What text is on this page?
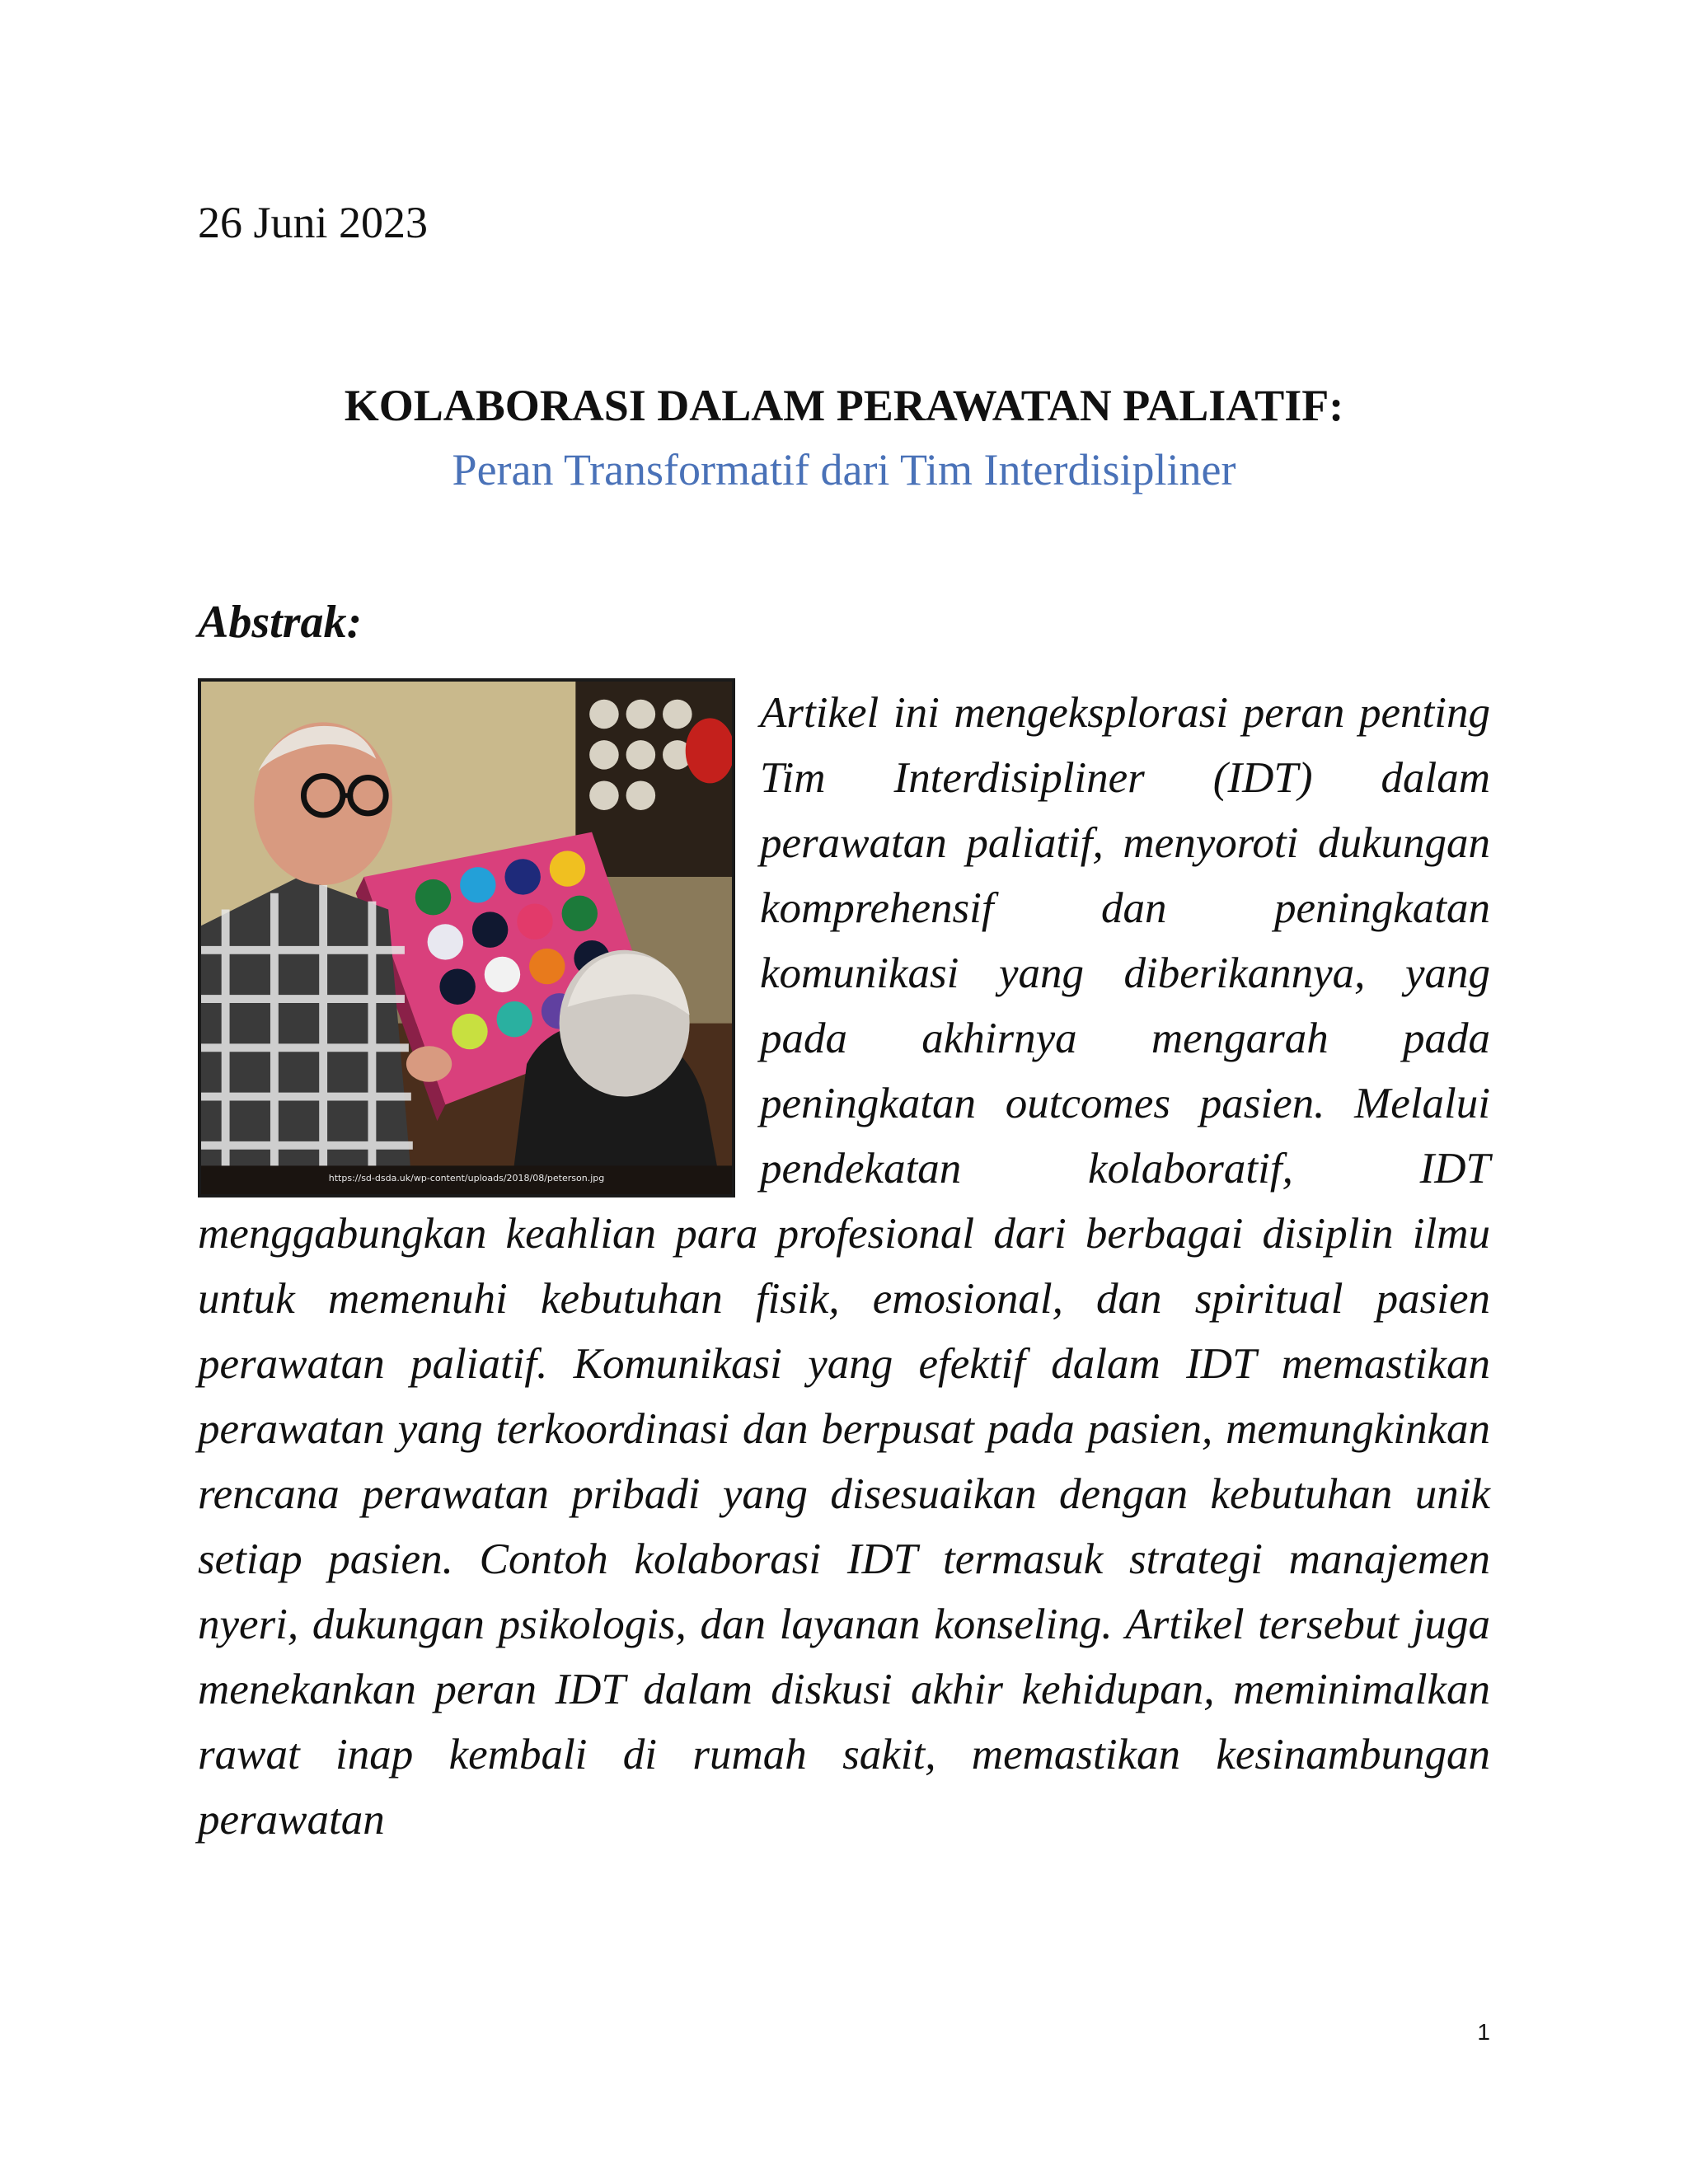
26 Juni 2023
KOLABORASI DALAM PERAWATAN PALIATIF:
Peran Transformatif dari Tim Interdisipliner
Abstrak:

https://sd-dsda.uk/wp-content/uploads/2018/08/peterson.jpg
Artikel ini mengeksplorasi peran penting Tim Interdisipliner (IDT) dalam perawatan paliatif, menyoroti dukungan komprehensif dan peningkatan komunikasi yang diberikannya, yang pada akhirnya mengarah pada peningkatan outcomes pasien. Melalui pendekatan kolaboratif, IDT menggabungkan keahlian para profesional dari berbagai disiplin ilmu untuk memenuhi kebutuhan fisik, emosional, dan spiritual pasien perawatan paliatif. Komunikasi yang efektif dalam IDT memastikan perawatan yang terkoordinasi dan berpusat pada pasien, memungkinkan rencana perawatan pribadi yang disesuaikan dengan kebutuhan unik setiap pasien. Contoh kolaborasi IDT termasuk strategi manajemen nyeri, dukungan psikologis, dan layanan konseling. Artikel tersebut juga menekankan peran IDT dalam diskusi akhir kehidupan, meminimalkan rawat inap kembali di rumah sakit, memastikan kesinambungan perawatan

1
